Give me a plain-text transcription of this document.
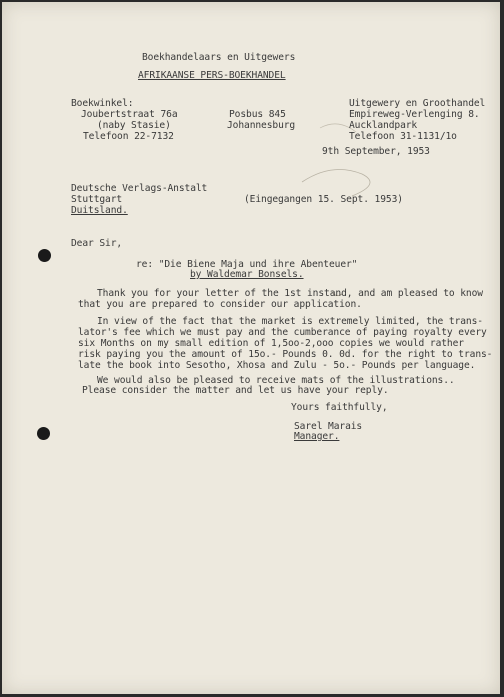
Boekhandelaars en Uitgewers
AFRIKAANSE PERS-BOEKHANDEL
Boekwinkel:
Joubertstraat 76a
(naby Stasie)
Telefoon 22-7132
Posbus 845
Johannesburg
Uitgewery en Groothandel
Empireweg-Verlenging 8.
Aucklandpark
Telefoon 31-1131/1o
9th September, 1953
Deutsche Verlags-Anstalt
Stuttgart
Duitsland.
(Eingegangen 15. Sept. 1953)
Dear Sir,
re: "Die Biene Maja und ihre Abenteuer"
by Waldemar Bonsels.
Thank you for your letter of the 1st instand, and am pleased to know
that you are prepared to consider our application.
In view of the fact that the market is extremely limited, the trans-
lator's fee which we must pay and the cumberance of paying royalty every
six Months on my small edition of 1,5oo-2,ooo copies we would rather
risk paying you the amount of 15o.- Pounds 0. 0d. for the right to trans-
late the book into Sesotho, Xhosa and Zulu - 5o.- Pounds per language.
We would also be pleased to receive mats of the illustrations..
Please consider the matter and let us have your reply.
Yours faithfully,
Sarel Marais
Manager.
